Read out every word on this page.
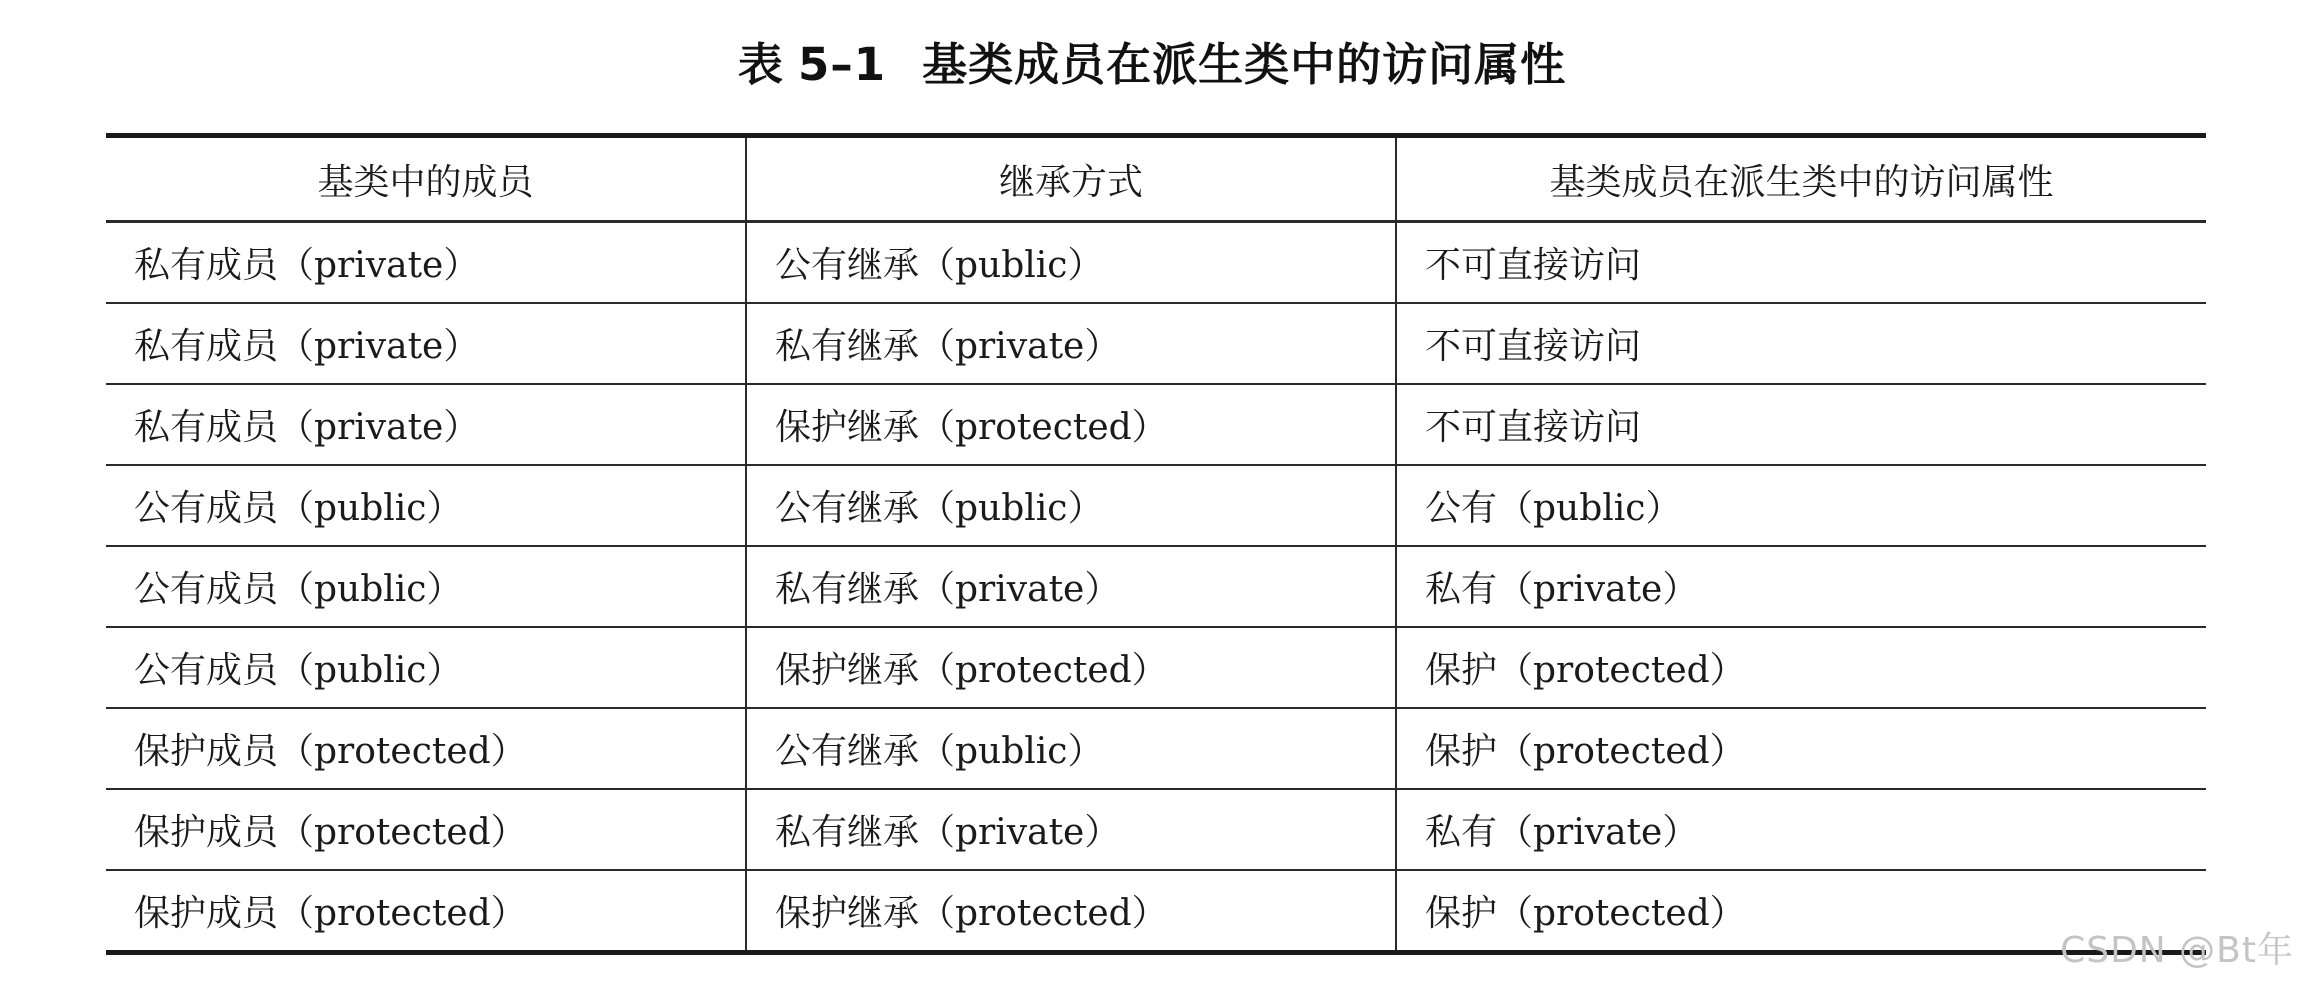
表 5–1 基类成员在派生类中的访问属性
基类中的成员	继承方式	基类成员在派生类中的访问属性
私有成员（private）	公有继承（public）	不可直接访问
私有成员（private）	私有继承（private）	不可直接访问
私有成员（private）	保护继承（protected）	不可直接访问
公有成员（public）	公有继承（public）	公有（public）
公有成员（public）	私有继承（private）	私有（private）
公有成员（public）	保护继承（protected）	保护（protected）
保护成员（protected）	公有继承（public）	保护（protected）
保护成员（protected）	私有继承（private）	私有（private）
保护成员（protected）	保护继承（protected）	保护（protected）
CSDN @Bt年
